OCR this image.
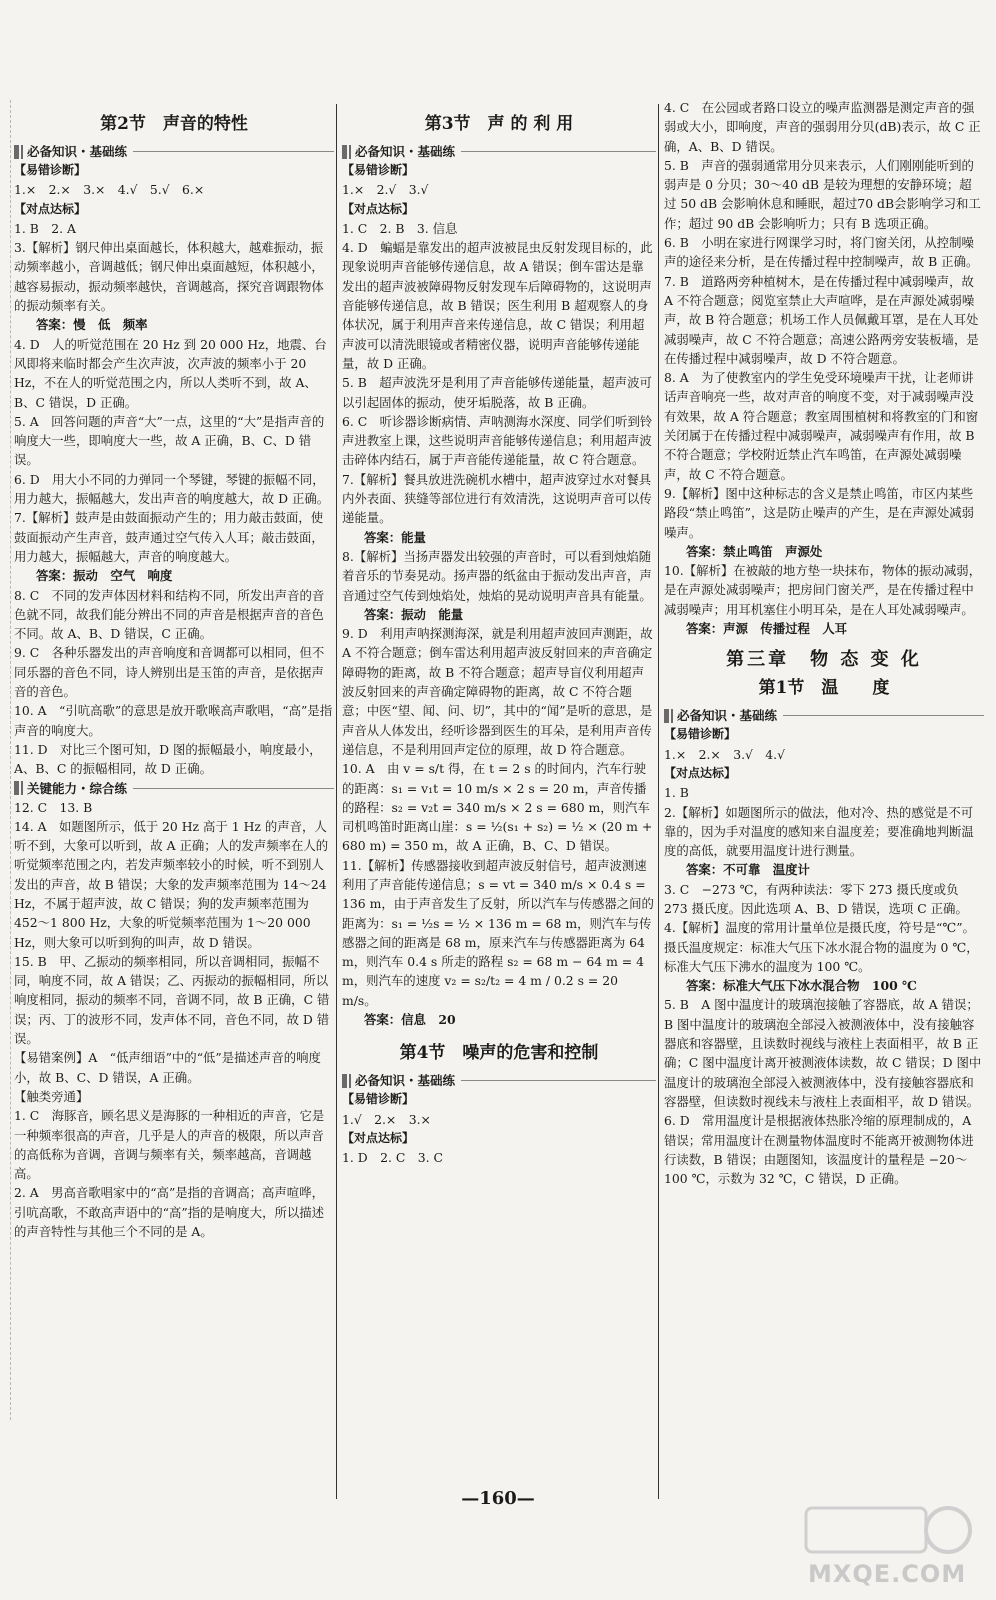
第2节　声音的特性
必备知识・基础练
【易错诊断】
1.×　2.×　3.×　4.√　5.√　6.×
【对点达标】
1. B　2. A
3.【解析】钢尺伸出桌面越长，体积越大，越难振动，振动频率越小，音调越低；钢尺伸出桌面越短，体积越小，越容易振动，振动频率越快，音调越高，探究音调跟物体的振动频率有关。
答案：慢　低　频率
4. D　人的听觉范围在 20 Hz 到 20 000 Hz，地震、台风即将来临时都会产生次声波，次声波的频率小于 20 Hz，不在人的听觉范围之内，所以人类听不到，故 A、B、C 错误，D 正确。
5. A　回答问题的声音“大”一点，这里的“大”是指声音的响度大一些，即响度大一些，故 A 正确，B、C、D 错误。
6. D　用大小不同的力弹同一个琴键，琴键的振幅不同，用力越大，振幅越大，发出声音的响度越大，故 D 正确。
7.【解析】鼓声是由鼓面振动产生的；用力敲击鼓面，使鼓面振动产生声音，鼓声通过空气传入人耳；敲击鼓面，用力越大，振幅越大，声音的响度越大。
答案：振动　空气　响度
8. C　不同的发声体因材料和结构不同，所发出声音的音色就不同，故我们能分辨出不同的声音是根据声音的音色不同。故 A、B、D 错误，C 正确。
9. C　各种乐器发出的声音响度和音调都可以相同，但不同乐器的音色不同，诗人辨别出是玉笛的声音，是依据声音的音色。
10. A　“引吭高歌”的意思是放开歌喉高声歌唱，“高”是指声音的响度大。
11. D　对比三个图可知，D 图的振幅最小，响度最小，A、B、C 的振幅相同，故 D 正确。
关键能力・综合练
12. C　13. B
14. A　如题图所示，低于 20 Hz 高于 1 Hz 的声音，人听不到，大象可以听到，故 A 正确；人的发声频率在人的听觉频率范围之内，若发声频率较小的时候，听不到别人发出的声音，故 B 错误；大象的发声频率范围为 14～24 Hz，不属于超声波，故 C 错误；狗的发声频率范围为 452～1 800 Hz，大象的听觉频率范围为 1～20 000 Hz，则大象可以听到狗的叫声，故 D 错误。
15. B　甲、乙振动的频率相同，所以音调相同，振幅不同，响度不同，故 A 错误；乙、丙振动的振幅相同，所以响度相同，振动的频率不同，音调不同，故 B 正确，C 错误；丙、丁的波形不同，发声体不同，音色不同，故 D 错误。
【易错案例】A　“低声细语”中的“低”是描述声音的响度小，故 B、C、D 错误，A 正确。
【触类旁通】
1. C　海豚音，顾名思义是海豚的一种相近的声音，它是一种频率很高的声音，几乎是人的声音的极限，所以声音的高低称为音调，音调与频率有关，频率越高，音调越高。
2. A　男高音歌唱家中的“高”是指的音调高；高声喧哗，引吭高歌，不敢高声语中的“高”指的是响度大，所以描述的声音特性与其他三个不同的是 A。
第3节　声 的 利 用
必备知识・基础练
【易错诊断】
1.×　2.√　3.√
【对点达标】
1. C　2. B　3. 信息
4. D　蝙蝠是靠发出的超声波被昆虫反射发现目标的，此现象说明声音能够传递信息，故 A 错误；倒车雷达是靠发出的超声波被障碍物反射发现车后障碍物的，这说明声音能够传递信息，故 B 错误；医生利用 B 超观察人的身体状况，属于利用声音来传递信息，故 C 错误；利用超声波可以清洗眼镜或者精密仪器，说明声音能够传递能量，故 D 正确。
5. B　超声波洗牙是利用了声音能够传递能量，超声波可以引起固体的振动，使牙垢脱落，故 B 正确。
6. C　听诊器诊断病情、声呐测海水深度、同学们听到铃声进教室上课，这些说明声音能够传递信息；利用超声波击碎体内结石，属于声音能传递能量，故 C 符合题意。
7.【解析】餐具放进洗碗机水槽中，超声波穿过水对餐具内外表面、狭缝等部位进行有效清洗，这说明声音可以传递能量。
答案：能量
8.【解析】当扬声器发出较强的声音时，可以看到烛焰随着音乐的节奏晃动。扬声器的纸盆由于振动发出声音，声音通过空气传到烛焰处，烛焰的晃动说明声音具有能量。
答案：振动　能量
9. D　利用声呐探测海深，就是利用超声波回声测距，故 A 不符合题意；倒车雷达利用超声波反射回来的声音确定障碍物的距离，故 B 不符合题意；超声导盲仪利用超声波反射回来的声音确定障碍物的距离，故 C 不符合题意；中医“望、闻、问、切”，其中的“闻”是听的意思，是声音从人体发出，经听诊器到医生的耳朵，是利用声音传递信息，不是利用回声定位的原理，故 D 符合题意。
10. A　由 v = s/t 得，在 t = 2 s 的时间内，汽车行驶的距离：s₁ = v₁t = 10 m/s × 2 s = 20 m，声音传播的路程：s₂ = v₂t = 340 m/s × 2 s = 680 m，则汽车司机鸣笛时距离山崖：s = ½(s₁ + s₂) = ½ × (20 m + 680 m) = 350 m，故 A 正确，B、C、D 错误。
11.【解析】传感器接收到超声波反射信号，超声波测速利用了声音能传递信息；s = vt = 340 m/s × 0.4 s = 136 m，由于声音发生了反射，所以汽车与传感器之间的距离为：s₁ = ½s = ½ × 136 m = 68 m，则汽车与传感器之间的距离是 68 m，原来汽车与传感器距离为 64 m，则汽车 0.4 s 所走的路程 s₂ = 68 m − 64 m = 4 m，则汽车的速度 v₂ = s₂/t₂ = 4 m / 0.2 s = 20 m/s。
答案：信息　20
第4节　噪声的危害和控制
必备知识・基础练
【易错诊断】
1.√　2.×　3.×
【对点达标】
1. D　2. C　3. C
4. C　在公园或者路口设立的噪声监测器是测定声音的强弱或大小，即响度，声音的强弱用分贝(dB)表示，故 C 正确，A、B、D 错误。
5. B　声音的强弱通常用分贝来表示，人们刚刚能听到的弱声是 0 分贝；30～40 dB 是较为理想的安静环境；超过 50 dB 会影响休息和睡眠，超过70 dB会影响学习和工作；超过 90 dB 会影响听力；只有 B 选项正确。
6. B　小明在家进行网课学习时，将门窗关闭，从控制噪声的途径来分析，是在传播过程中控制噪声，故 B 正确。
7. B　道路两旁种植树木，是在传播过程中减弱噪声，故 A 不符合题意；阅览室禁止大声喧哗，是在声源处减弱噪声，故 B 符合题意；机场工作人员佩戴耳罩，是在人耳处减弱噪声，故 C 不符合题意；高速公路两旁安装板墙，是在传播过程中减弱噪声，故 D 不符合题意。
8. A　为了使教室内的学生免受环境噪声干扰，让老师讲话声音响亮一些，故对声音的响度不变，对于减弱噪声没有效果，故 A 符合题意；教室周围植树和将教室的门和窗关闭属于在传播过程中减弱噪声，减弱噪声有作用，故 B 不符合题意；学校附近禁止汽车鸣笛，在声源处减弱噪声，故 C 不符合题意。
9.【解析】图中这种标志的含义是禁止鸣笛，市区内某些路段“禁止鸣笛”，这是防止噪声的产生，是在声源处减弱噪声。
答案：禁止鸣笛　声源处
10.【解析】在被敲的地方垫一块抹布，物体的振动减弱，是在声源处减弱噪声；把房间门窗关严，是在传播过程中减弱噪声；用耳机塞住小明耳朵，是在人耳处减弱噪声。
答案：声源　传播过程　人耳
第三章　物 态 变 化
第1节　温　　度
必备知识・基础练
【易错诊断】
1.×　2.×　3.√　4.√
【对点达标】
1. B
2.【解析】如题图所示的做法，他对冷、热的感觉是不可靠的，因为手对温度的感知来自温度差；要准确地判断温度的高低，就要用温度计进行测量。
答案：不可靠　温度计
3. C　−273 ℃，有两种读法：零下 273 摄氏度或负 273 摄氏度。因此选项 A、B、D 错误，选项 C 正确。
4.【解析】温度的常用计量单位是摄氏度，符号是“℃”。摄氏温度规定：标准大气压下冰水混合物的温度为 0 ℃，标准大气压下沸水的温度为 100 ℃。
答案：标准大气压下冰水混合物　100 ℃
5. B　A 图中温度计的玻璃泡接触了容器底，故 A 错误；B 图中温度计的玻璃泡全部浸入被测液体中，没有接触容器底和容器壁，且读数时视线与液柱上表面相平，故 B 正确；C 图中温度计离开被测液体读数，故 C 错误；D 图中温度计的玻璃泡全部浸入被测液体中，没有接触容器底和容器壁，但读数时视线未与液柱上表面相平，故 D 错误。
6. D　常用温度计是根据液体热胀冷缩的原理制成的，A 错误；常用温度计在测量物体温度时不能离开被测物体进行读数，B 错误；由题图知，该温度计的量程是 −20～100 ℃，示数为 32 ℃，C 错误，D 正确。
—160—
MXQE.COM
